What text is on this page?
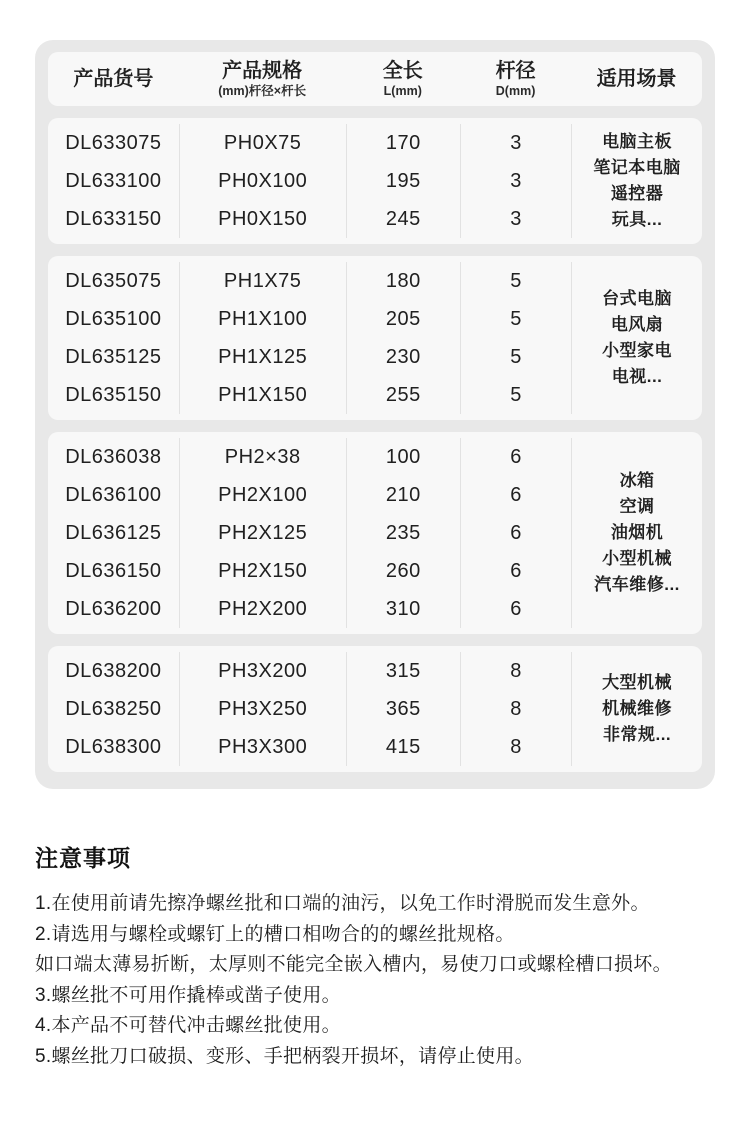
产品货号	产品规格
(mm)杆径×杆长
全长
L(mm)
杆径
D(mm)
适用场景
DL633075
DL633100
DL633150
PH0X75
PH0X100
PH0X150
170
195
245
3
3
3
电脑主板
笔记本电脑
遥控器
玩具...
DL635075
DL635100
DL635125
DL635150
PH1X75
PH1X100
PH1X125
PH1X150
180
205
230
255
5
5
5
5
台式电脑
电风扇
小型家电
电视...
DL636038
DL636100
DL636125
DL636150
DL636200
PH2×38
PH2X100
PH2X125
PH2X150
PH2X200
100
210
235
260
310
6
6
6
6
6
冰箱
空调
油烟机
小型机械
汽车维修...
DL638200
DL638250
DL638300
PH3X200
PH3X250
PH3X300
315
365
415
8
8
8
大型机械
机械维修
非常规...
注意事项
1.在使用前请先擦净螺丝批和口端的油污，以免工作时滑脱而发生意外。
2.请选用与螺栓或螺钉上的槽口相吻合的的螺丝批规格。
如口端太薄易折断，太厚则不能完全嵌入槽内，易使刀口或螺栓槽口损坏。
3.螺丝批不可用作撬棒或凿子使用。
4.本产品不可替代冲击螺丝批使用。
5.螺丝批刀口破损、变形、手把柄裂开损坏，请停止使用。
